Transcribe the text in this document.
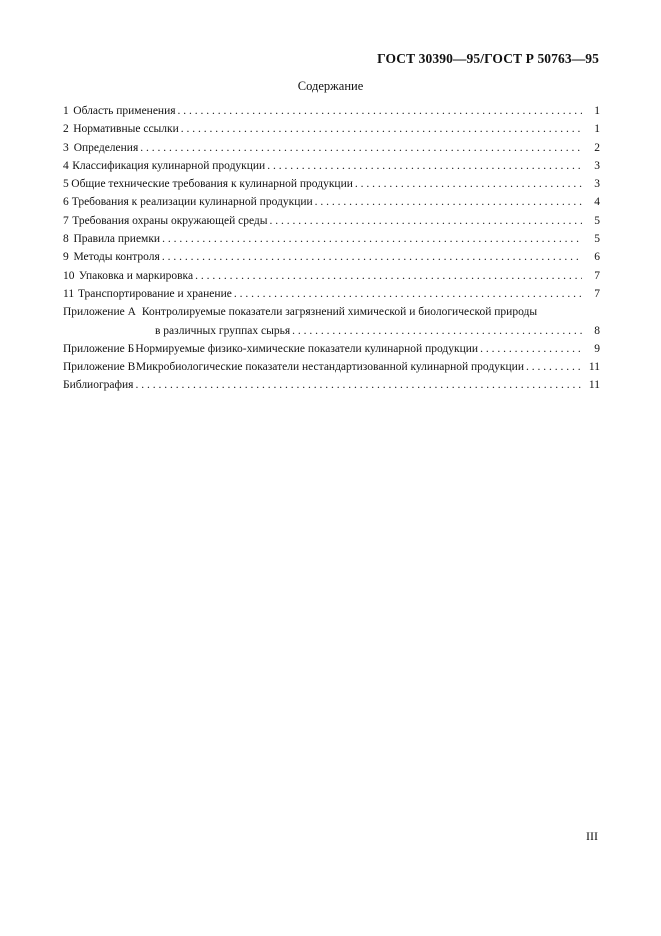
ГОСТ 30390—95/ГОСТ Р 50763—95
Содержание
1 Область применения . . .	1
2 Нормативные ссылки . . .	1
3 Определения . . .	2
4 Классификация кулинарной продукции . . .	3
5 Общие технические требования к кулинарной продукции . . .	3
6 Требования к реализации кулинарной продукции . . .	4
7 Требования охраны окружающей среды . . .	5
8 Правила приемки . . .	5
9 Методы контроля . . .	6
10 Упаковка и маркировка . . .	7
11 Транспортирование и хранение . . .	7
Приложение А Контролируемые показатели загрязнений химической и биологической природы
в различных группах сырья . . .	8
Приложение Б Нормируемые физико-химические показатели кулинарной продукции . . .	9
Приложение В Микробиологические показатели нестандартизованной кулинарной продукции . . .	11
Библиография . . .	11
III
